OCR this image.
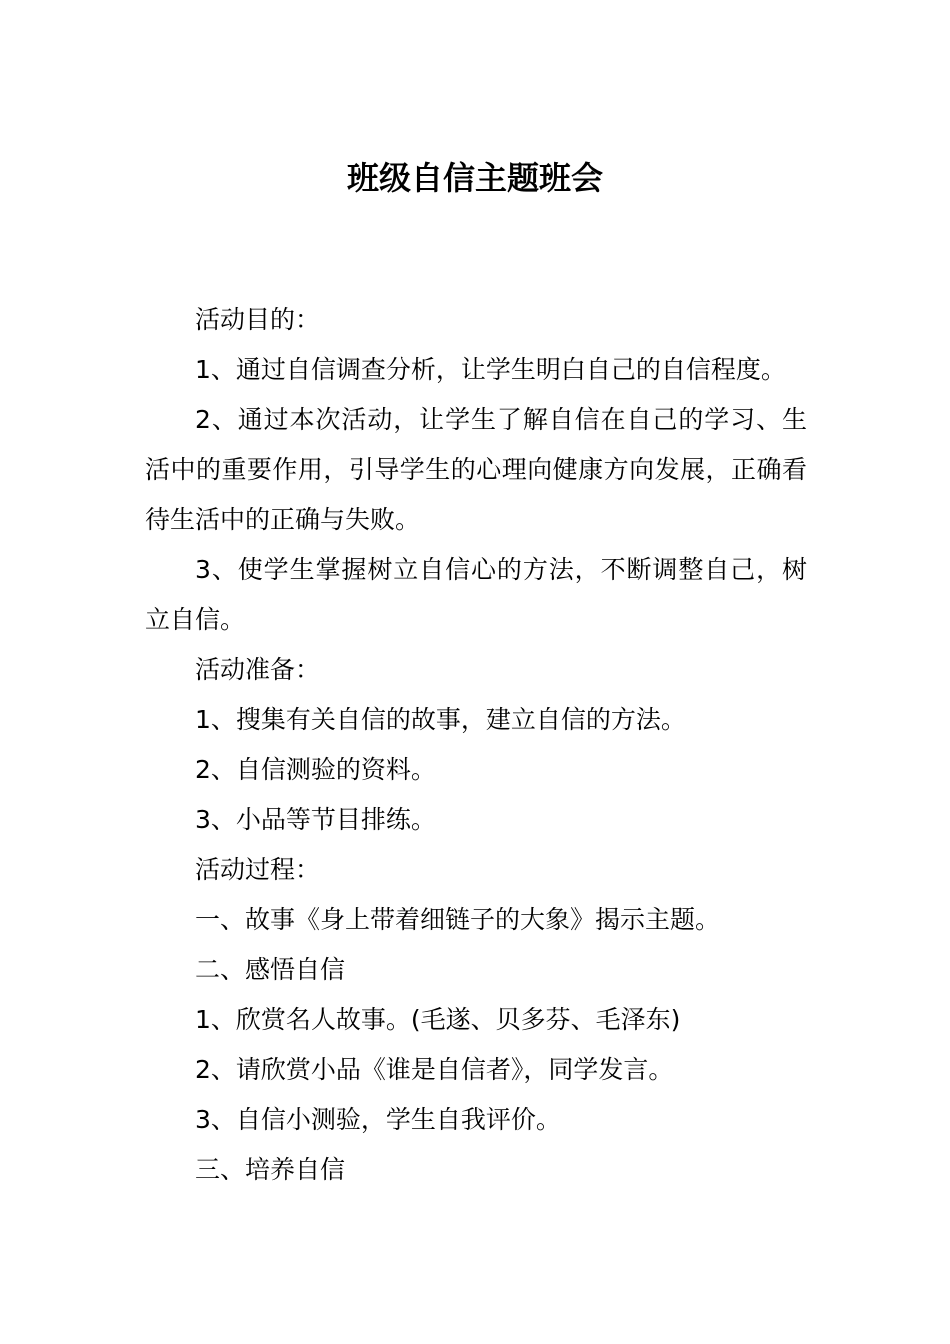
班级自信主题班会

活动目的：

1、通过自信调查分析，让学生明白自己的自信程度。

2、通过本次活动，让学生了解自信在自己的学习、生活中的重要作用，引导学生的心理向健康方向发展，正确看待生活中的正确与失败。

3、使学生掌握树立自信心的方法，不断调整自己，树立自信。

活动准备：

1、搜集有关自信的故事，建立自信的方法。

2、自信测验的资料。

3、小品等节目排练。

活动过程：

一、故事《身上带着细链子的大象》揭示主题。

二、感悟自信

1、欣赏名人故事。(毛遂、贝多芬、毛泽东)

2、请欣赏小品《谁是自信者》，同学发言。

3、自信小测验，学生自我评价。

三、培养自信
